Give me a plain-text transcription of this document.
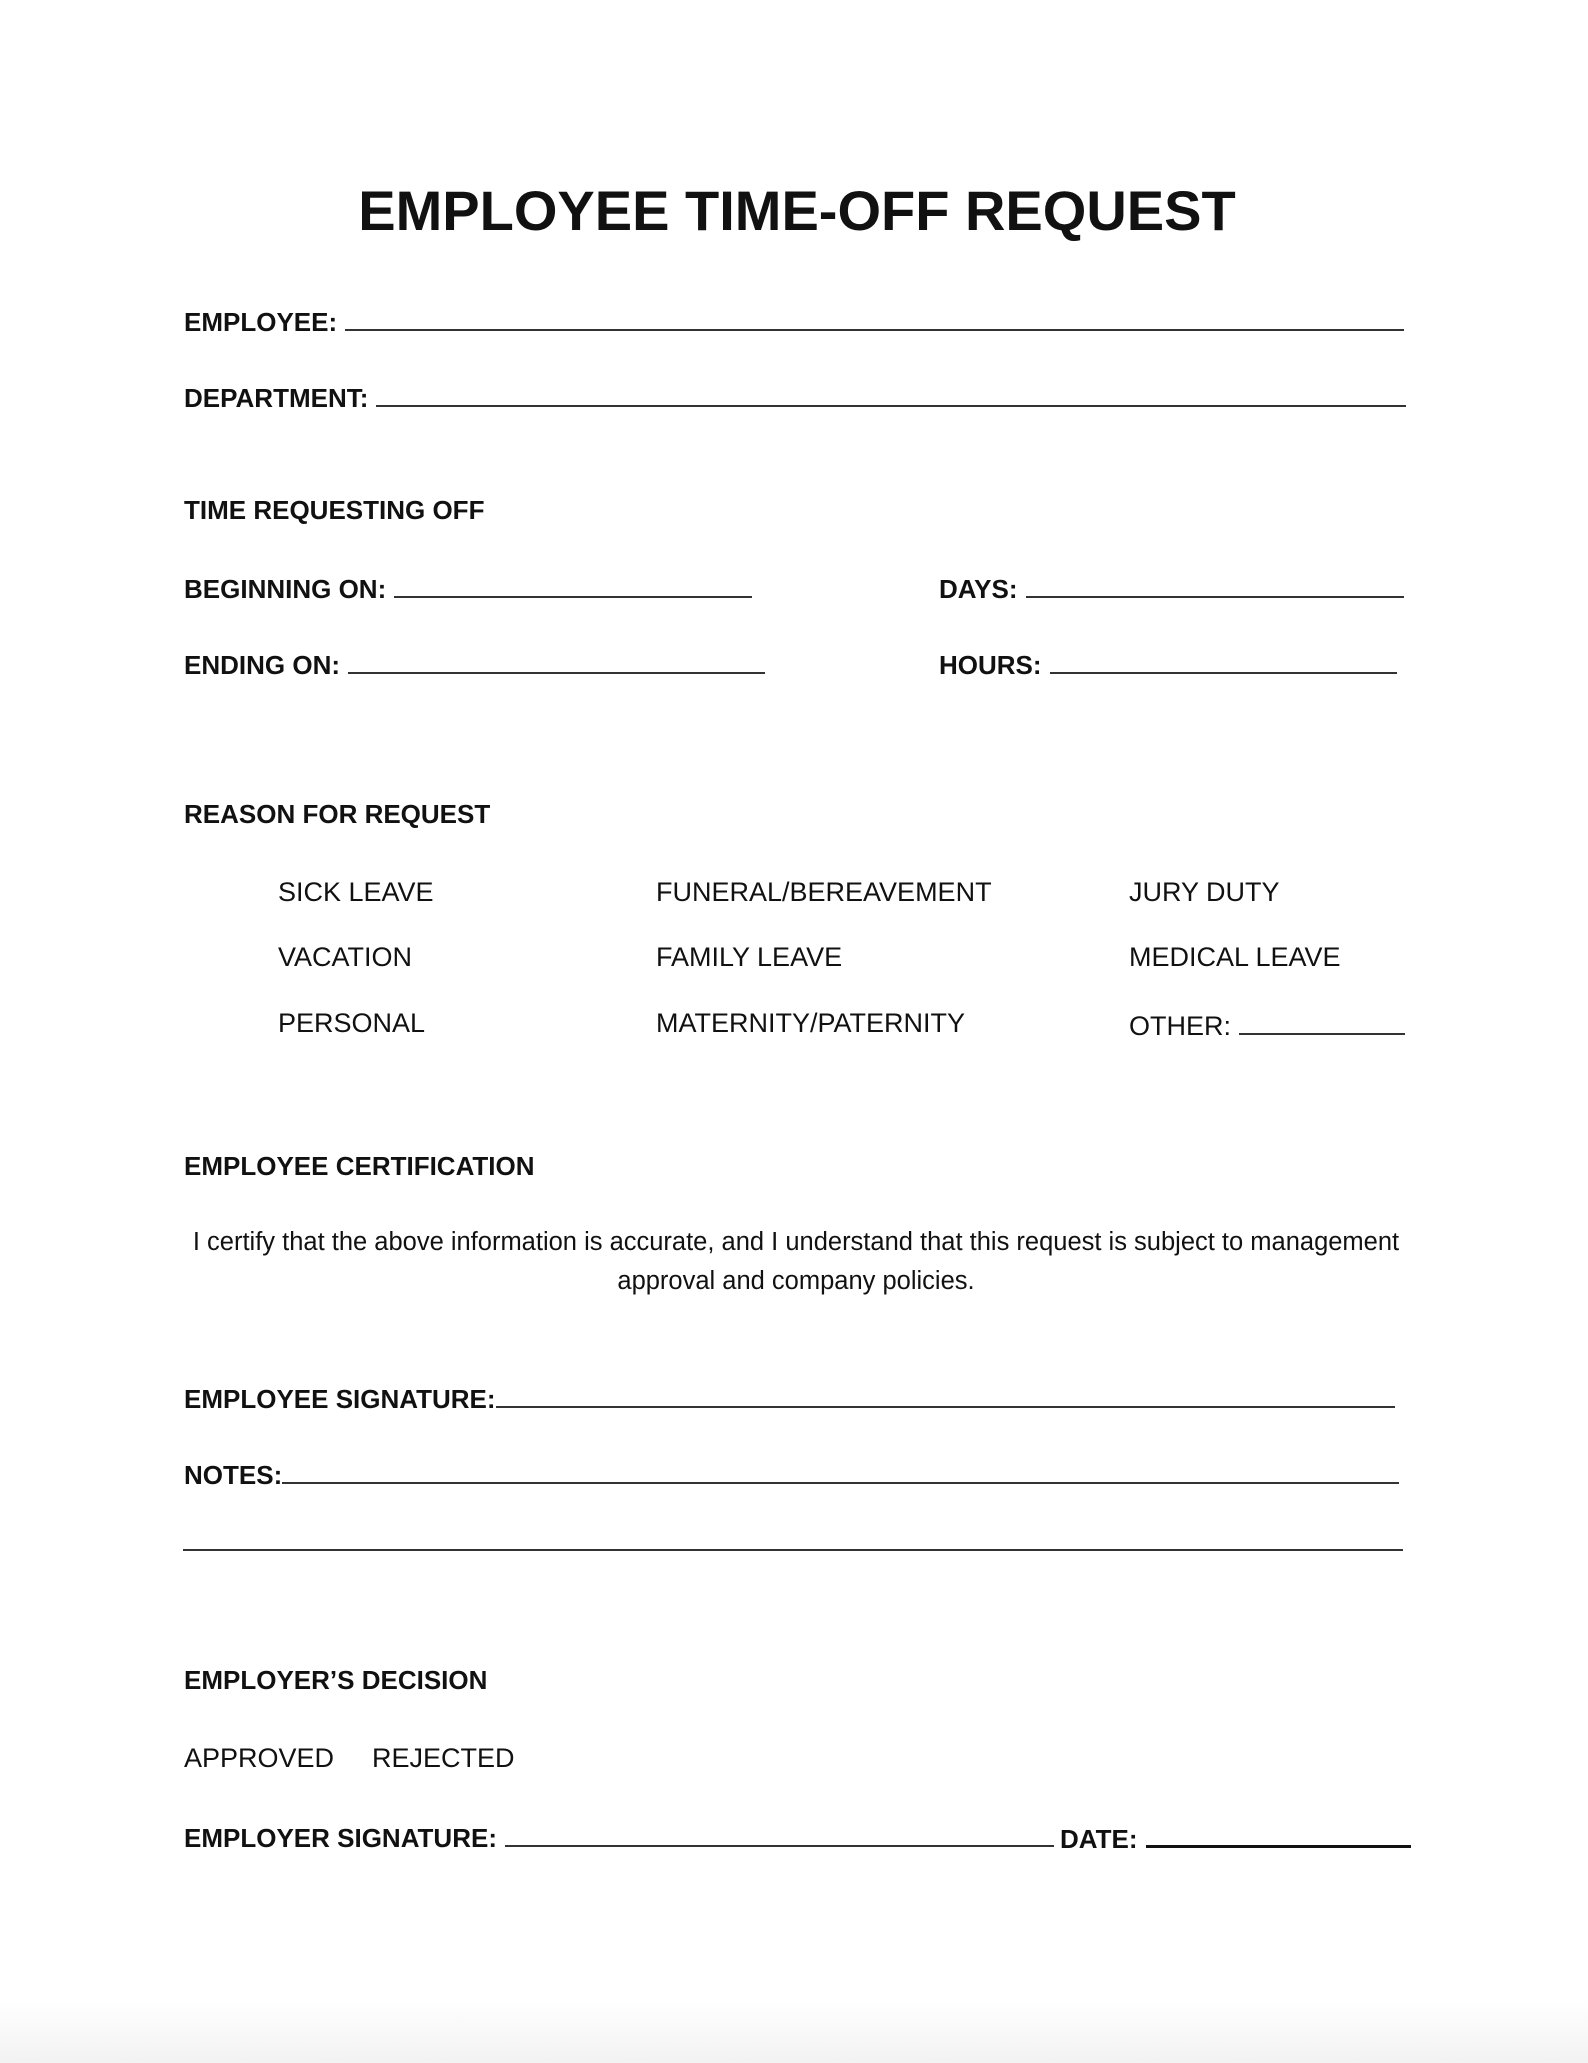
EMPLOYEE TIME-OFF REQUEST
EMPLOYEE:
DEPARTMENT:
TIME REQUESTING OFF
BEGINNING ON:
ENDING ON:
DAYS:
HOURS:
REASON FOR REQUEST
SICK LEAVE	FUNERAL/BEREAVEMENT	JURY DUTY
VACATION	FAMILY LEAVE	MEDICAL LEAVE
PERSONAL	MATERNITY/PATERNITY	OTHER:
EMPLOYEE CERTIFICATION
I certify that the above information is accurate, and I understand that this request is subject to management approval and company policies.
EMPLOYEE SIGNATURE:
NOTES:
EMPLOYER’S DECISION
APPROVED REJECTED
EMPLOYER SIGNATURE:	DATE:
